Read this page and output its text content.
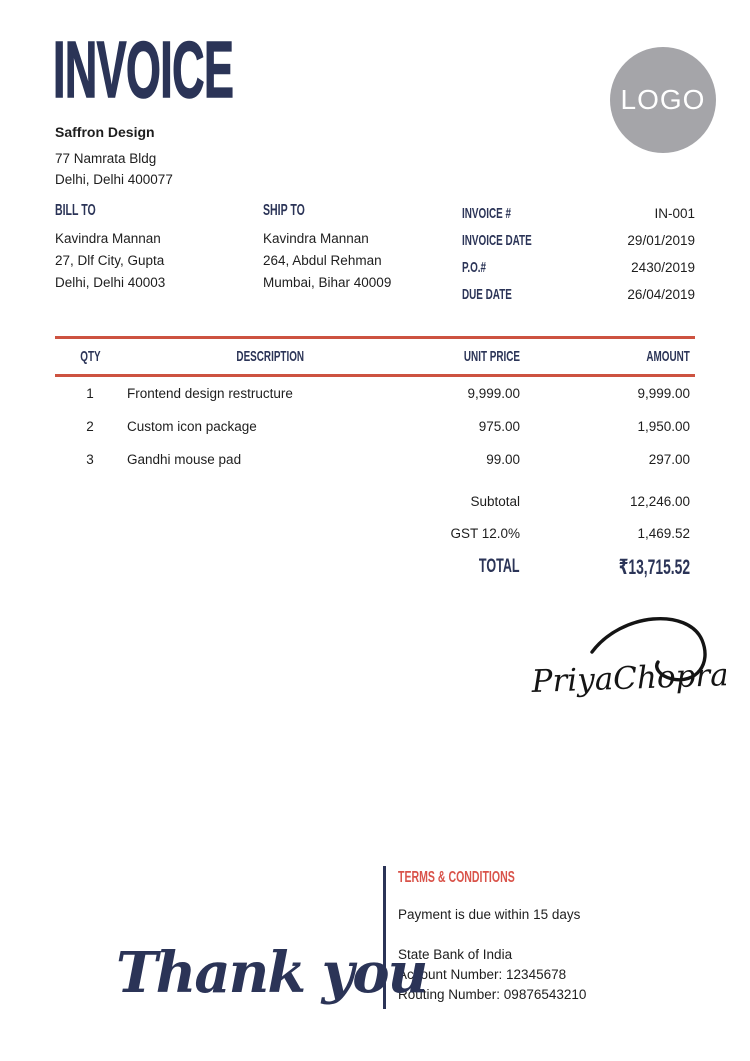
INVOICE	LOGO
Saffron Design
77 Namrata Bldg
Delhi, Delhi 400077
BILL TO
Kavindra Mannan
27, Dlf City, Gupta
Delhi, Delhi 40003
SHIP TO
Kavindra Mannan
264, Abdul Rehman
Mumbai, Bihar 40009
INVOICE #	IN-001
INVOICE DATE	29/01/2019
P.O.#	2430/2019
DUE DATE	26/04/2019
QTY	DESCRIPTION	UNIT PRICE	AMOUNT
1	Frontend design restructure	9,999.00	9,999.00
2	Custom icon package	975.00	1,950.00
3	Gandhi mouse pad	99.00	297.00
Subtotal	12,246.00
GST 12.0%	1,469.52
TOTAL	₹13,715.52
PriyaChopra
TERMS & CONDITIONS
Payment is due within 15 days
State Bank of India
Account Number: 12345678
Routing Number: 09876543210
Thank you
